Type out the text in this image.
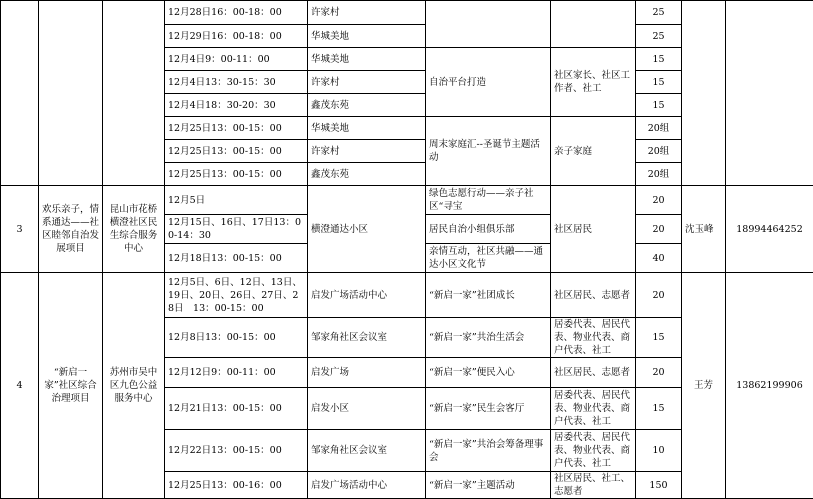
			12月28日16：00-18：00	许家村			25		
			12月29日16：00-18：00	华城美地			25		
			12月4日9：00-11：00	华城美地	自治平台打造	社区家长、社区工作者、社工	15		
			12月4日13：30-15：30	许家村			15		
			12月4日18：30-20：30	鑫茂东苑			15		
			12月25日13：00-15：00	华城美地	周末家庭汇--圣诞节主题活动	亲子家庭	20组		
			12月25日13：00-15：00	许家村			20组		
			12月25日13：00-15：00	鑫茂东苑			20组		
3	欢乐亲子，情系通达——社区睦邻自治发展项目	昆山市花桥横澄社区民生综合服务中心	12月5日	横澄通达小区	绿色志愿行动——亲子社区“寻宝	社区居民	20	沈玉峰	18994464252

			12月15日、16日、17日13：00-14：30		居民自治小组俱乐部		20		
			12月18日13：00-15：00		亲情互动，社区共融——通达小区文化节		40		
4	“新启一家”社区综合治理项目	苏州市吴中区九色公益服务中心	12月5日、6日、12日、13日、19日、20日、26日、27日、28日　13：00-15：00	启发广场活动中心	“新启一家”社团成长	社区居民、志愿者	20	王芳	13862199906
			12月8日13：00-15：00	邹家角社区会议室	“新启一家”共治生活会	居委代表、居民代表、物业代表、商户代表、社工	15		
			12月12日9：00-11：00	启发广场	“新启一家”便民入心	社区居民、志愿者	20		
			12月21日13：00-15：00	启发小区	“新启一家”民生会客厅	居委代表、居民代表、物业代表、商户代表、社工	15		
			12月22日13：00-15：00	邹家角社区会议室	“新启一家”共治会筹备理事会	居委代表、居民代表、物业代表、商户代表、社工	10		
			12月25日13：00-16：00	启发广场活动中心	“新启一家”主题活动	社区居民、社工、志愿者	150		
